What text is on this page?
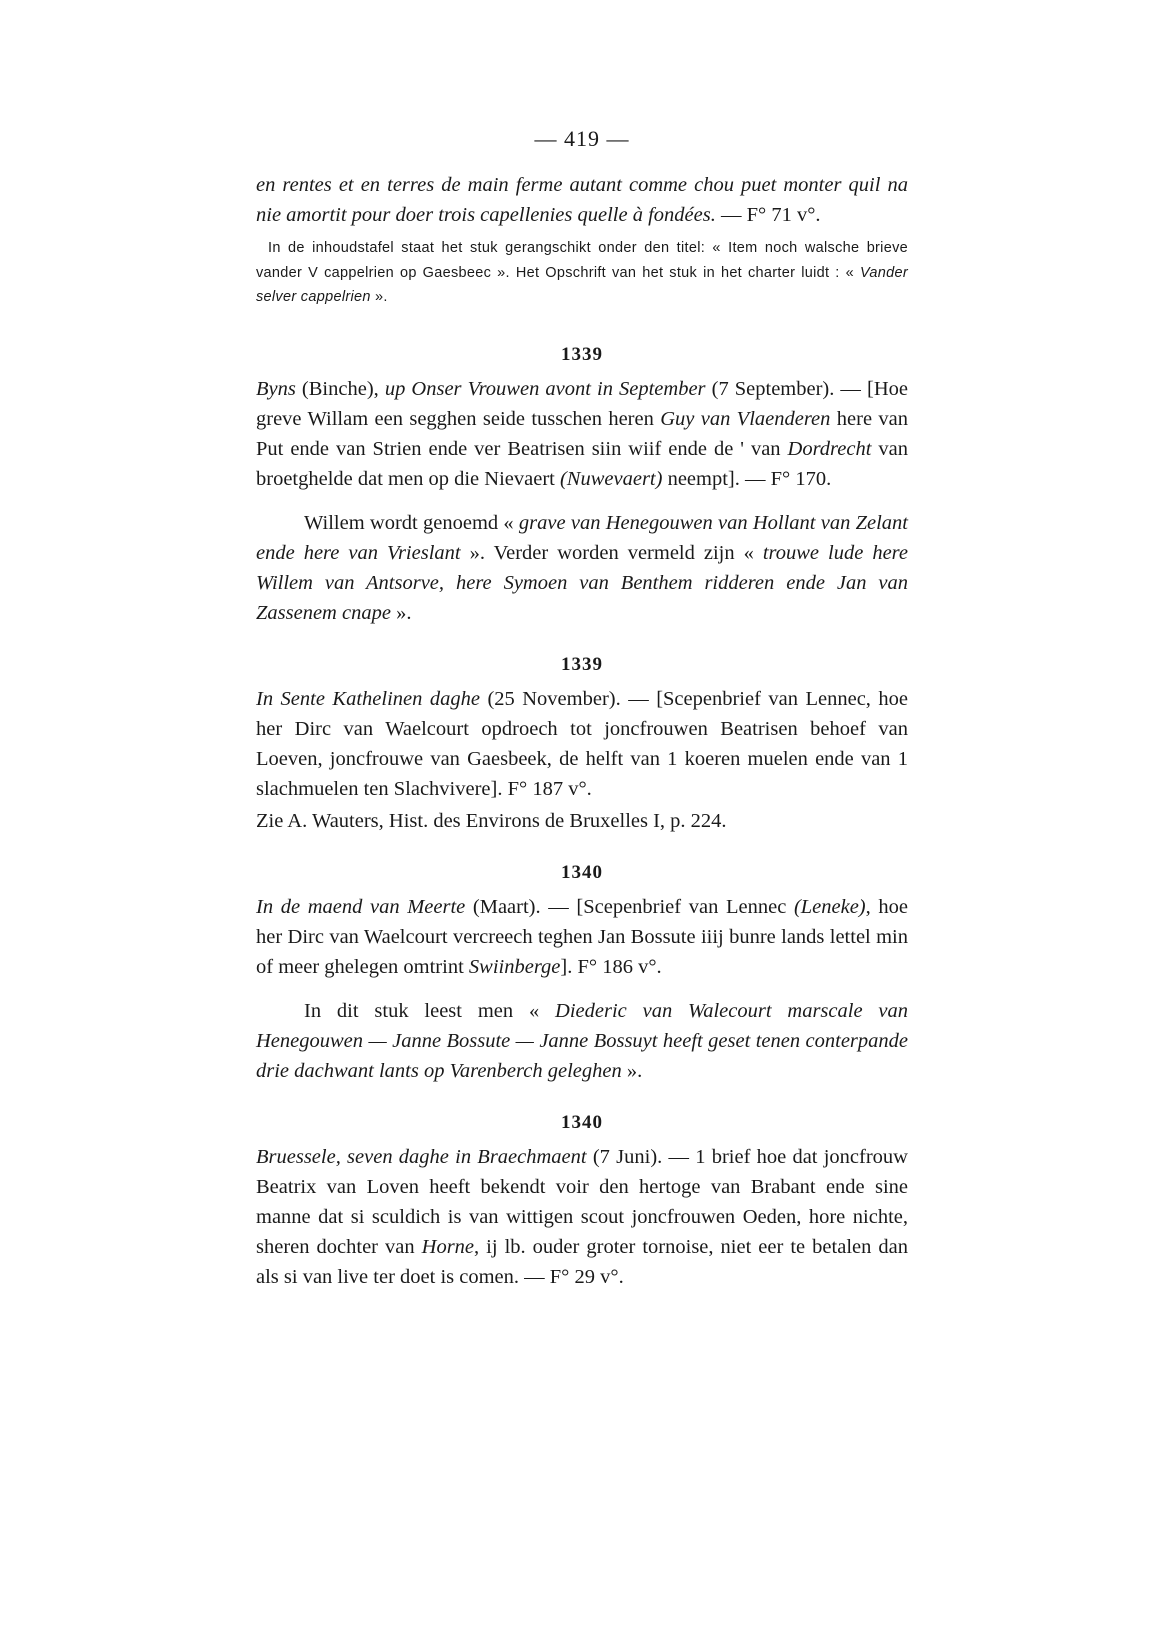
— 419 —

en rentes et en terres de main ferme autant comme chou puet monter quil na nie amortit pour doer trois capellenies quelle à fondées. — F° 71 v°.

In de inhoudstafel staat het stuk gerangschikt onder den titel: « Item noch walsche brieve vander V cappelrien op Gaesbeec ». Het Opschrift van het stuk in het charter luidt : « Vander selver cappelrien ».

1339

Byns (Binche), up Onser Vrouwen avont in September (7 September). — [Hoe greve Willam een segghen seide tusschen heren Guy van Vlaenderen here van Put ende van Strien ende ver Beatrisen siin wiif ende de ' van Dordrecht van broetghelde dat men op die Nievaert (Nuwevaert) neempt]. — F° 170.

Willem wordt genoemd « grave van Henegouwen van Hollant van Zelant ende here van Vrieslant ». Verder worden vermeld zijn « trouwe lude here Willem van Antsorve, here Symoen van Benthem ridderen ende Jan van Zassenem cnape ».

1339

In Sente Kathelinen daghe (25 November). — [Scepenbrief van Lennec, hoe her Dirc van Waelcourt opdroech tot joncfrouwen Beatrisen behoef van Loeven, joncfrouwe van Gaesbeek, de helft van 1 koeren muelen ende van 1 slachmuelen ten Slachvivere]. F° 187 v°.

Zie A. Wauters, Hist. des Environs de Bruxelles I, p. 224.

1340

In de maend van Meerte (Maart). — [Scepenbrief van Lennec (Leneke), hoe her Dirc van Waelcourt vercreech teghen Jan Bossute iiij bunre lands lettel min of meer ghelegen omtrint Swiinberge]. F° 186 v°.

In dit stuk leest men « Diederic van Walecourt marscale van Henegouwen — Janne Bossute — Janne Bossuyt heeft geset tenen conterpande drie dachwant lants op Varenberch geleghen ».

1340

Bruessele, seven daghe in Braechmaent (7 Juni). — 1 brief hoe dat joncfrouw Beatrix van Loven heeft bekendt voir den hertoge van Brabant ende sine manne dat si sculdich is van wittigen scout joncfrouwen Oeden, hore nichte, sheren dochter van Horne, ij lb. ouder groter tornoise, niet eer te betalen dan als si van live ter doet is comen. — F° 29 v°.
